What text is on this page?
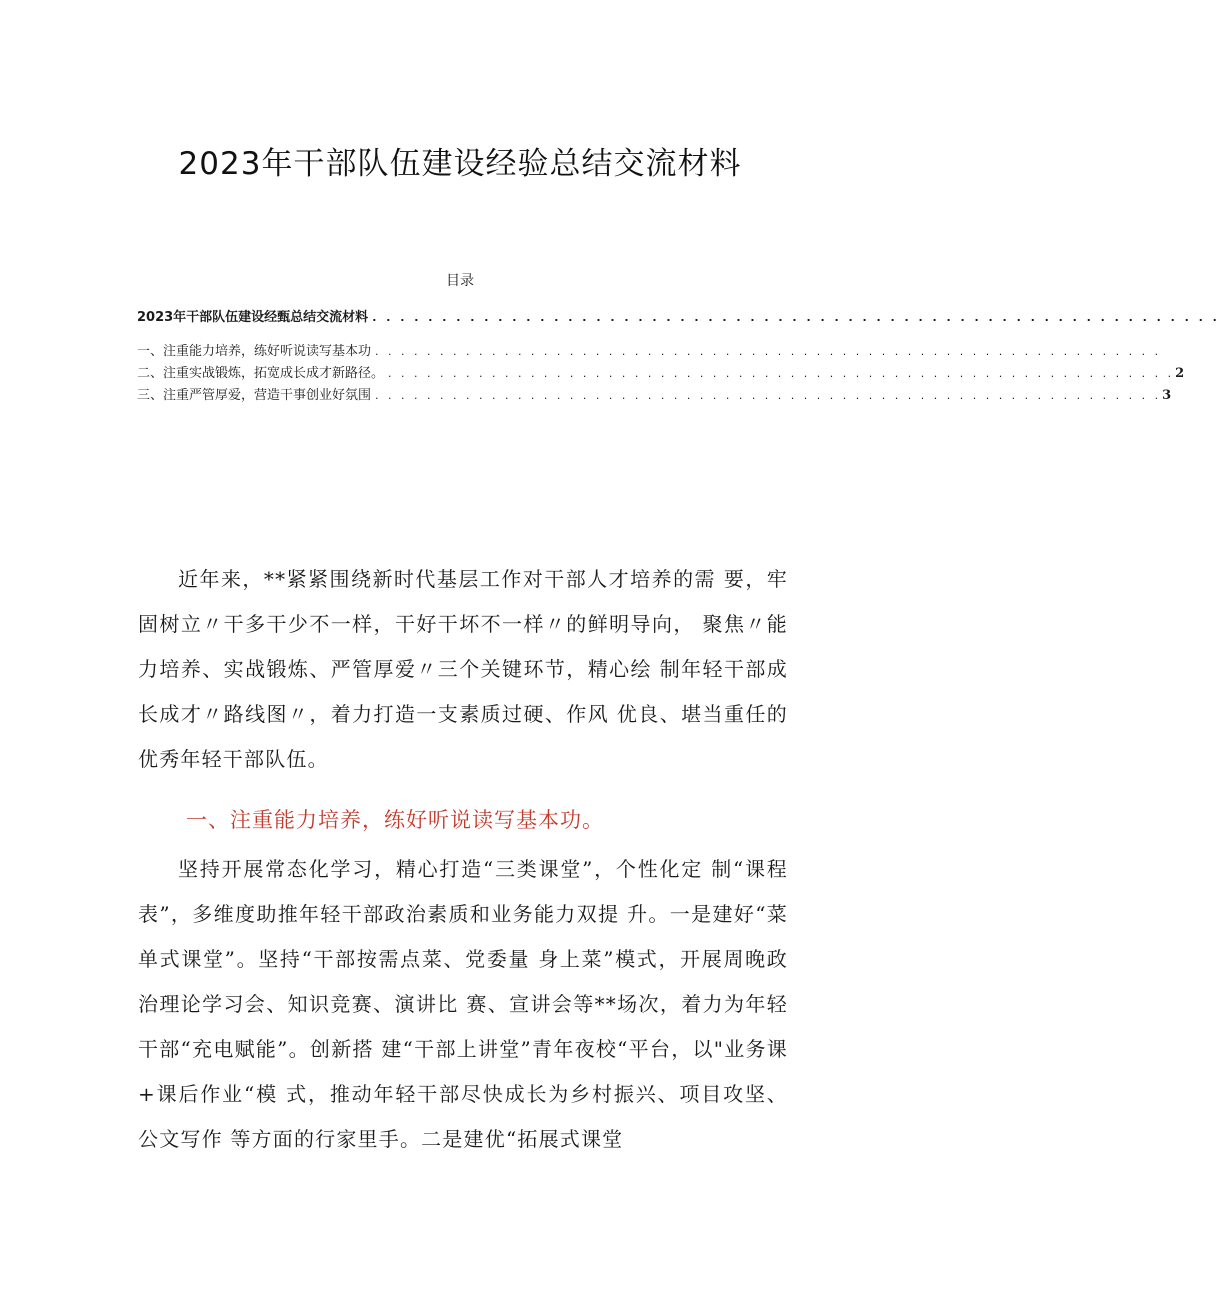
2023年干部队伍建设经验总结交流材料
目录
2023年干部队伍建设经甄总结交流材料 . . . . . . . . . . . . . . . . . . . . . . . . . . . . . . . . . . . . . . . . . . . . . . . . . . . . . . . . . . . . .
一、注重能力培养，练好听说读写基本功 . . . . . . . . . . . . . . . . . . . . . . . . . . . . . . . . . . . . . . . . . . . . . . . . . . . . . . . . . . . . .
二、注重实战锻炼，拓宽成长成才新路径。 . . . . . . . . . . . . . . . . . . . . . . . . . . . . . . . . . . . . . . . . . . . . . . . . . . . . . . . . . . . . . 2
三、注重严管厚爱，营造干事创业好氛围 . . . . . . . . . . . . . . . . . . . . . . . . . . . . . . . . . . . . . . . . . . . . . . . . . . . . . . . . . . . . . 3

近年来，**紧紧围绕新时代基层工作对干部人才培养的需 要，牢固树立〃干多干少不一样，干好干坏不一样〃的鲜明导向， 聚焦〃能力培养、实战锻炼、严管厚爱〃三个关键环节，精心绘 制年轻干部成长成才〃路线图〃，着力打造一支素质过硬、作风 优良、堪当重任的优秀年轻干部队伍。

一、注重能力培养，练好听说读写基本功。

坚持开展常态化学习，精心打造“三类课堂”，个性化定 制“课程表”，多维度助推年轻干部政治素质和业务能力双提 升。一是建好“菜单式课堂”。坚持“干部按需点菜、党委量 身上菜”模式，开展周晚政治理论学习会、知识竞赛、演讲比 赛、宣讲会等**场次，着力为年轻干部“充电赋能”。创新搭 建“干部上讲堂”青年夜校“平台，以"业务课+课后作业“模 式，推动年轻干部尽快成长为乡村振兴、项目攻坚、公文写作 等方面的行家里手。二是建优“拓展式课堂
